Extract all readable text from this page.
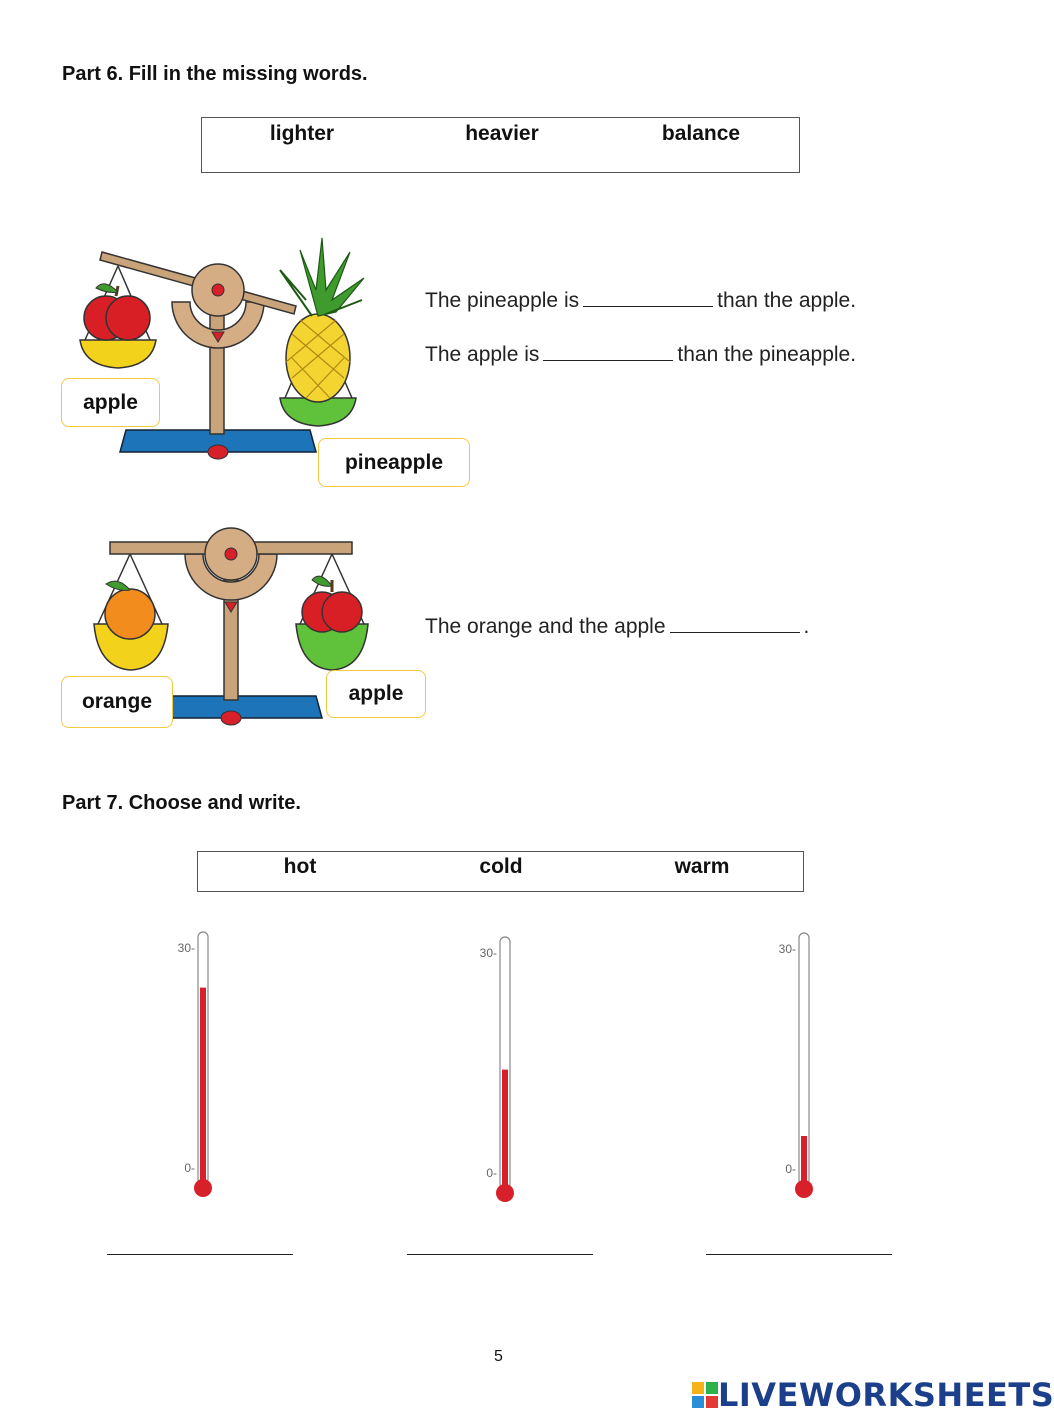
Part 6. Fill in the missing words.
lighter	heavier	balance
apple
pineapple
The pineapple is	than the apple.
The apple is	than the pineapple.
orange	apple
The orange and the apple	.
Part 7. Choose and write.
hot	cold	warm
30-
0-
30-
0-
30-
0-
5
LIVEWORKSHEETS
